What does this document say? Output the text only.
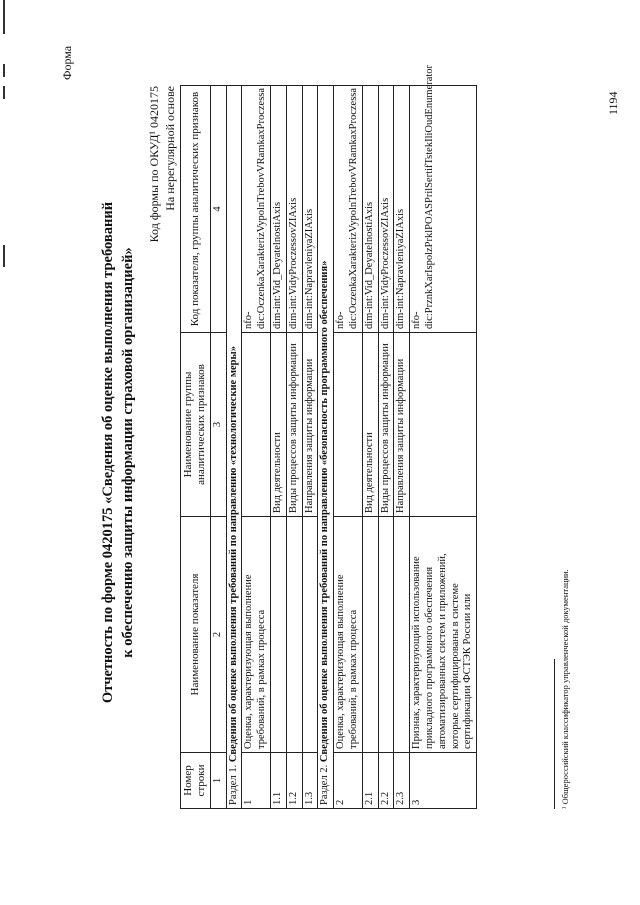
Форма
Отчетность по форме 0420175 «Сведения об оценке выполнения требований к обеспечению защиты информации страховой организацией»
Код формы по ОКУД¹ 0420175 На нерегулярной основе
Номер строки	Наименование показателя	Наименование группы аналитических признаков	Код показателя, группы аналитических признаков
1	2	3	4
Раздел 1. Сведения об оценке выполнения требований по направлению «технологические меры»			
1	Оценка, характеризующая выполнение требований, в рамках процесса		nfo-dic:OczenkaXarakterizVypolnTrebovVRamkaxProczessa
1.1		Вид деятельности	dim-int:Vid_DeyatelnostiAxis
1.2		Виды процессов защиты информации	dim-int:VidyProczessovZIAxis
1.3		Направления защиты информации	dim-int:NapravleniyaZIAxis
Раздел 2. Сведения об оценке выполнения требований по направлению «безопасность программного обеспечения»			
2	Оценка, характеризующая выполнение требований, в рамках процесса		nfo-dic:OczenkaXarakterizVypolnTrebovVRamkaxProczessa
2.1		Вид деятельности	dim-int:Vid_DeyatelnostiAxis
2.2		Виды процессов защиты информации	dim-int:VidyProczessovZIAxis
2.3		Направления защиты информации	dim-int:NapravleniyaZIAxis
3	Признак, характеризующий использование прикладного программного обеспечения автоматизированных систем и приложений, которые сертифицированы в системе сертификации ФСТЭК России или		nfo-dic:PrznkXarIspolzPrklPOASPrilSertifTstekIliOudEnumerator
¹ Общероссийский классификатор управленческой документации.
1194
